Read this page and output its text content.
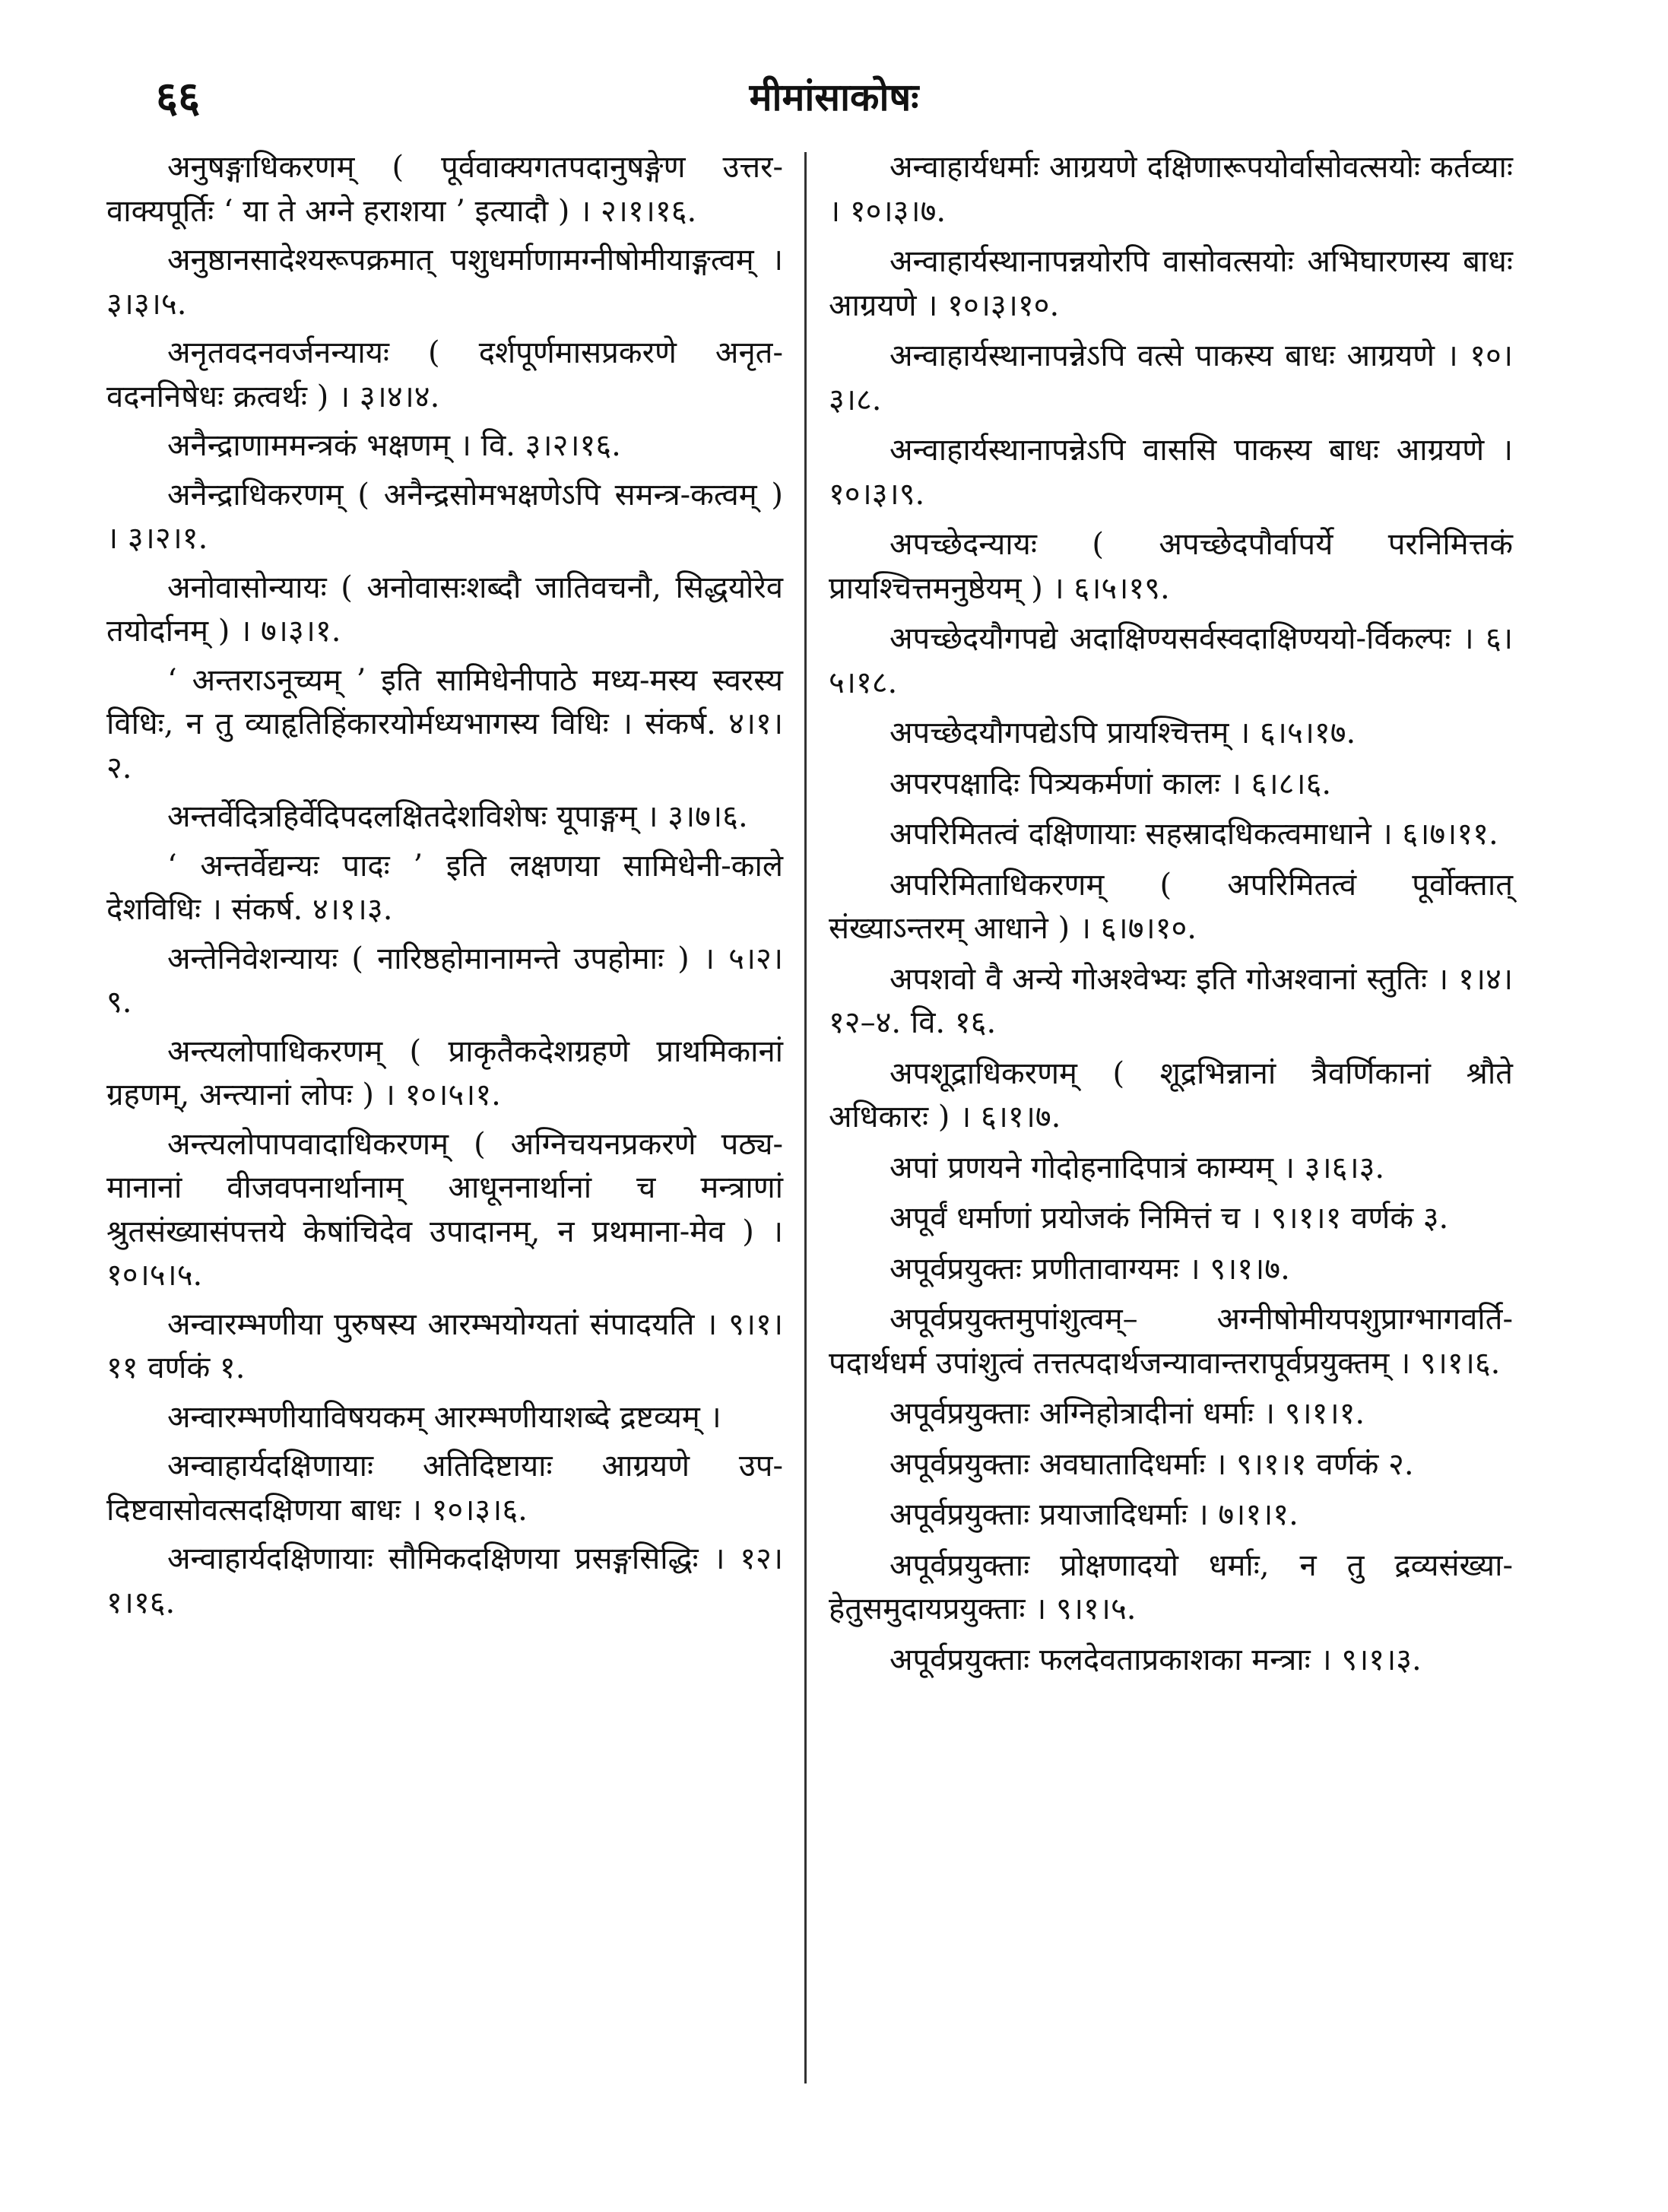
६६	मीमांसाकोषः

अनुषङ्गाधिकरणम् ( पूर्ववाक्यगतपदानुषङ्गेण उत्तर-वाक्यपूर्तिः ‘ या ते अग्ने हराशया ’ इत्यादौ ) । २।१।१६.

अनुष्ठानसादेश्यरूपक्रमात् पशुधर्माणामग्नीषोमीयाङ्गत्वम् । ३।३।५.

अनृतवदनवर्जनन्यायः ( दर्शपूर्णमासप्रकरणे अनृत-वदननिषेधः क्रत्वर्थः ) । ३।४।४.

अनैन्द्राणाममन्त्रकं भक्षणम् । वि. ३।२।१६.

अनैन्द्राधिकरणम् ( अनैन्द्रसोमभक्षणेऽपि समन्त्र-कत्वम् ) । ३।२।१.

अनोवासोन्यायः ( अनोवासःशब्दौ जातिवचनौ, सिद्धयोरेव तयोर्दानम् ) । ७।३।१.

‘ अन्तराऽनूच्यम् ’ इति सामिधेनीपाठे मध्य-मस्य स्वरस्य विधिः, न तु व्याहृतिहिंकारयोर्मध्यभागस्य विधिः । संकर्ष. ४।१।२.

अन्तर्वेदित्रहिर्वेदिपदलक्षितदेशविशेषः यूपाङ्गम् । ३।७।६.

‘ अन्तर्वेद्यन्यः पादः ’ इति लक्षणया सामिधेनी-काले देशविधिः । संकर्ष. ४।१।३.

अन्तेनिवेशन्यायः ( नारिष्ठहोमानामन्ते उपहोमाः ) । ५।२।९.

अन्त्यलोपाधिकरणम् ( प्राकृतैकदेशग्रहणे प्राथमिकानां ग्रहणम्, अन्त्यानां लोपः ) । १०।५।१.

अन्त्यलोपापवादाधिकरणम् ( अग्निचयनप्रकरणे पठ्य-मानानां वीजवपनार्थानाम् आधूननार्थानां च मन्त्राणां श्रुतसंख्यासंपत्तये केषांचिदेव उपादानम्, न प्रथमाना-मेव ) । १०।५।५.

अन्वारम्भणीया पुरुषस्य आरम्भयोग्यतां संपादयति । ९।१।११ वर्णकं १.

अन्वारम्भणीयाविषयकम् आरम्भणीयाशब्दे द्रष्टव्यम् ।

अन्वाहार्यदक्षिणायाः अतिदिष्टायाः आग्रयणे उप-दिष्टवासोवत्सदक्षिणया बाधः । १०।३।६.

अन्वाहार्यदक्षिणायाः सौमिकदक्षिणया प्रसङ्गसिद्धिः । १२।१।१६.

अन्वाहार्यधर्माः आग्रयणे दक्षिणारूपयोर्वासोवत्सयोः कर्तव्याः । १०।३।७.

अन्वाहार्यस्थानापन्नयोरपि वासोवत्सयोः अभिघारणस्य बाधः आग्रयणे । १०।३।१०.

अन्वाहार्यस्थानापन्नेऽपि वत्से पाकस्य बाधः आग्रयणे । १०।३।८.

अन्वाहार्यस्थानापन्नेऽपि वाससि पाकस्य बाधः आग्रयणे । १०।३।९.

अपच्छेदन्यायः ( अपच्छेदपौर्वापर्ये परनिमित्तकं प्रायश्चित्तमनुष्ठेयम् ) । ६।५।१९.

अपच्छेदयौगपद्ये अदाक्षिण्यसर्वस्वदाक्षिण्ययो-र्विकल्पः । ६।५।१८.

अपच्छेदयौगपद्येऽपि प्रायश्चित्तम् । ६।५।१७.

अपरपक्षादिः पित्र्यकर्मणां कालः । ६।८।६.

अपरिमितत्वं दक्षिणायाः सहस्रादधिकत्वमाधाने । ६।७।११.

अपरिमिताधिकरणम् ( अपरिमितत्वं पूर्वोक्तात् संख्याऽन्तरम् आधाने ) । ६।७।१०.

अपशवो वै अन्ये गोअश्वेभ्यः इति गोअश्वानां स्तुतिः । १।४।१२–४. वि. १६.

अपशूद्राधिकरणम् ( शूद्रभिन्नानां त्रैवर्णिकानां श्रौते अधिकारः ) । ६।१।७.

अपां प्रणयने गोदोहनादिपात्रं काम्यम् । ३।६।३.

अपूर्वं धर्माणां प्रयोजकं निमित्तं च । ९।१।१ वर्णकं ३.

अपूर्वप्रयुक्तः प्रणीतावाग्यमः । ९।१।७.

अपूर्वप्रयुक्तमुपांशुत्वम्– अग्नीषोमीयपशुप्राग्भागवर्ति-पदार्थधर्म उपांशुत्वं तत्तत्पदार्थजन्यावान्तरापूर्वप्रयुक्तम् । ९।१।६.

अपूर्वप्रयुक्ताः अग्निहोत्रादीनां धर्माः । ९।१।१.

अपूर्वप्रयुक्ताः अवघातादिधर्माः । ९।१।१ वर्णकं २.

अपूर्वप्रयुक्ताः प्रयाजादिधर्माः । ७।१।१.

अपूर्वप्रयुक्ताः प्रोक्षणादयो धर्माः, न तु द्रव्यसंख्या-हेतुसमुदायप्रयुक्ताः । ९।१।५.

अपूर्वप्रयुक्ताः फलदेवताप्रकाशका मन्त्राः । ९।१।३.
